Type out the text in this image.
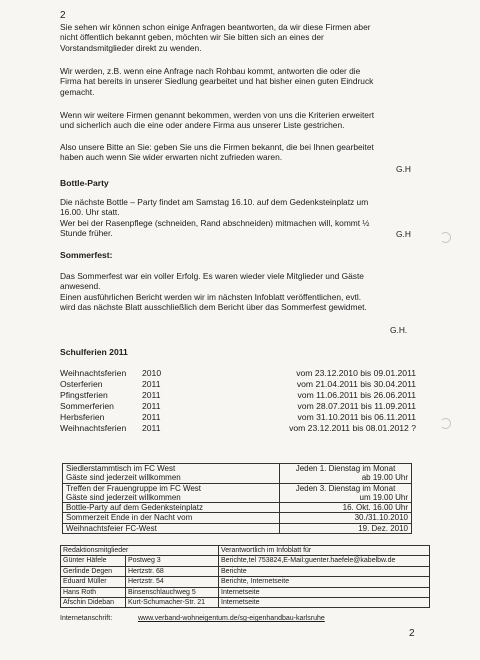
2
Sie sehen wir können schon einige Anfragen beantworten, da wir diese Firmen aber
nicht öffentlich bekannt geben, möchten wir Sie bitten sich an eines der
Vorstandsmitglieder direkt zu wenden.
Wir werden, z.B. wenn eine Anfrage nach Rohbau kommt, antworten die oder die
Firma hat bereits in unserer Siedlung gearbeitet und hat bisher einen guten Eindruck
gemacht.
Wenn wir weitere Firmen genannt bekommen, werden von uns die Kriterien erweitert
und sicherlich auch die eine oder andere Firma aus unserer Liste gestrichen.
Also unsere Bitte an Sie: geben Sie uns die Firmen bekannt, die bei Ihnen gearbeitet
haben auch wenn Sie wider erwarten nicht zufrieden waren.
G.H
Bottle-Party
Die nächste Bottle – Party findet am Samstag 16.10. auf dem Gedenksteinplatz um
16.00. Uhr statt.
Wer bei der Rasenpflege (schneiden, Rand abschneiden) mitmachen will, kommt ½
Stunde früher.	G.H
Sommerfest:
Das Sommerfest war ein voller Erfolg. Es waren wieder viele Mitglieder und Gäste
anwesend.
Einen ausführlichen Bericht werden wir im nächsten Infoblatt veröffentlichen, evtl.
wird das nächste Blatt ausschließlich dem Bericht über das Sommerfest gewidmet.
G.H.
Schulferien 2011
Weihnachtsferien 2010	vom 23.12.2010 bis 09.01.2011
Osterferien	2011	vom 21.04.2011 bis 30.04.2011
Pfingstferien	2011	vom 11.06.2011 bis 26.06.2011
Sommerferien	2011	vom 28.07.2011 bis 11.09.2011
Herbsferien	2011	vom 31.10.2011 bis 06.11.2011
Weihnachtsferien 2011	vom 23.12.2011 bis 08.01.2012 ?
Siedlerstammtisch im FC West
Gäste sind jederzeit willkommen	Jeden 1. Dienstag im Monat
ab 19.00 Uhr

Treffen der Frauengruppe im FC West
Gäste sind jederzeit willkommen	Jeden 3. Dienstag im Monat
um 19.00 Uhr

Bottle-Party auf dem Gedenksteinplatz	16. Okt. 16.00 Uhr

Sommerzeit Ende in der Nacht vom	30./31.10.2010

Weihnachtsfeier FC-West	19. Dez. 2010
Redaktionsmitglieder		Verantwortlich im Infoblatt für
Günter Häfele	Postweg 3	Berichte,tel 753824,E-Mail:guenter.haefele@kabelbw.de
Gerlinde Degen	Hertzstr. 68	Berichte
Eduard Müller	Hertzstr. 54	Berichte, Internetseite
Hans Roth	Binsenschlauchweg 5	Internetseite
Afschin Dideban	Kurt-Schumacher-Str. 21	Internetseite
Internetanschrift:	www.verband-wohneigentum.de/sg-eigenhandbau-karlsruhe
2
